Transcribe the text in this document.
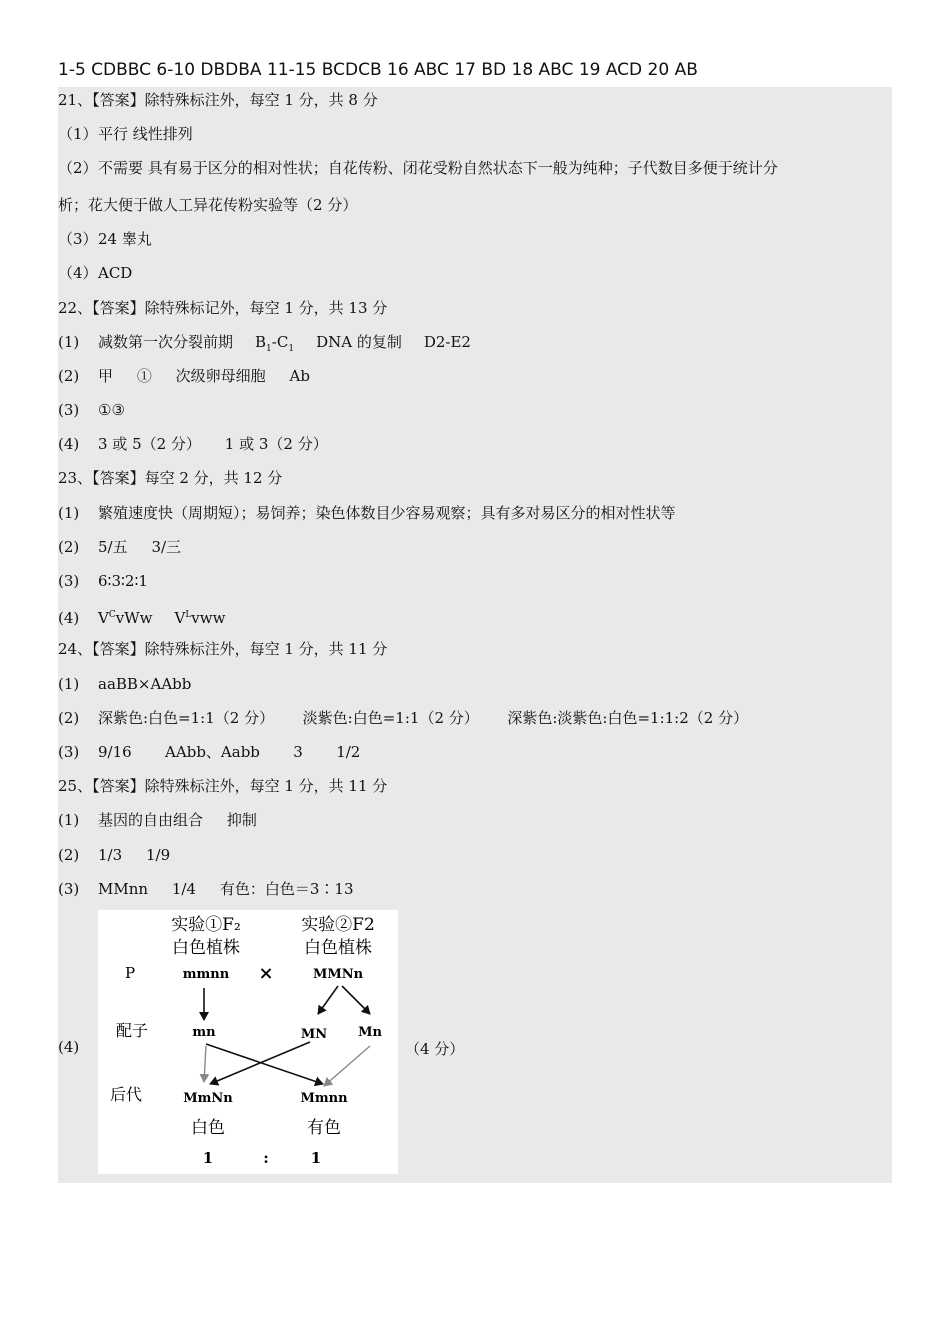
1-5 CDBBC 6-10 DBDBA 11-15 BCDCB 16 ABC 17 BD 18 ABC 19 ACD 20 AB
21、【答案】除特殊标注外，每空 1 分，共 8 分
（1）平行 线性排列
（2）不需要 具有易于区分的相对性状；自花传粉、闭花受粉自然状态下一般为纯种；子代数目多便于统计分
析；花大便于做人工异花传粉实验等（2 分）
（3）24 睾丸
（4）ACD
22、【答案】除特殊标记外，每空 1 分，共 13 分
(1) 减数第一次分裂前期 $B_1-C_1$ DNA 的复制 D2-E2
(2) 甲     ①     次级卵母细胞     Ab
(3) ①③
(4) 3 或 5（2 分）     1 或 3（2 分）
23、【答案】每空 2 分，共 12 分
(1) 繁殖速度快（周期短）；易饲养；染色体数目少容易观察；具有多对易区分的相对性状等
(2) 5/五     3/三
(3) 6∶3∶2∶1
(4) $V^CvWw$ $V^Lvww$
24、【答案】除特殊标注外，每空 1 分，共 11 分
(1) aaBB×AAbb
(2) 深紫色:白色=1:1（2 分）      淡紫色:白色=1:1（2 分）      深紫色:淡紫色:白色=1:1:2（2 分）
(3) 9/16       AAbb、Aabb       3       1/2
25、【答案】除特殊标注外，每空 1 分，共 11 分
(1) 基因的自由组合     抑制
(2) 1/3     1/9
(3) MMnn     1/4     有色：白色＝3∶13
(4)	（4 分）
实验①F₂
白色植株
实验②F2
白色植株
P	mmnn ×	MMNn
配子	mn	MN Mn
后代	MmNn	Mmnn
白色	有色
1	:	1
